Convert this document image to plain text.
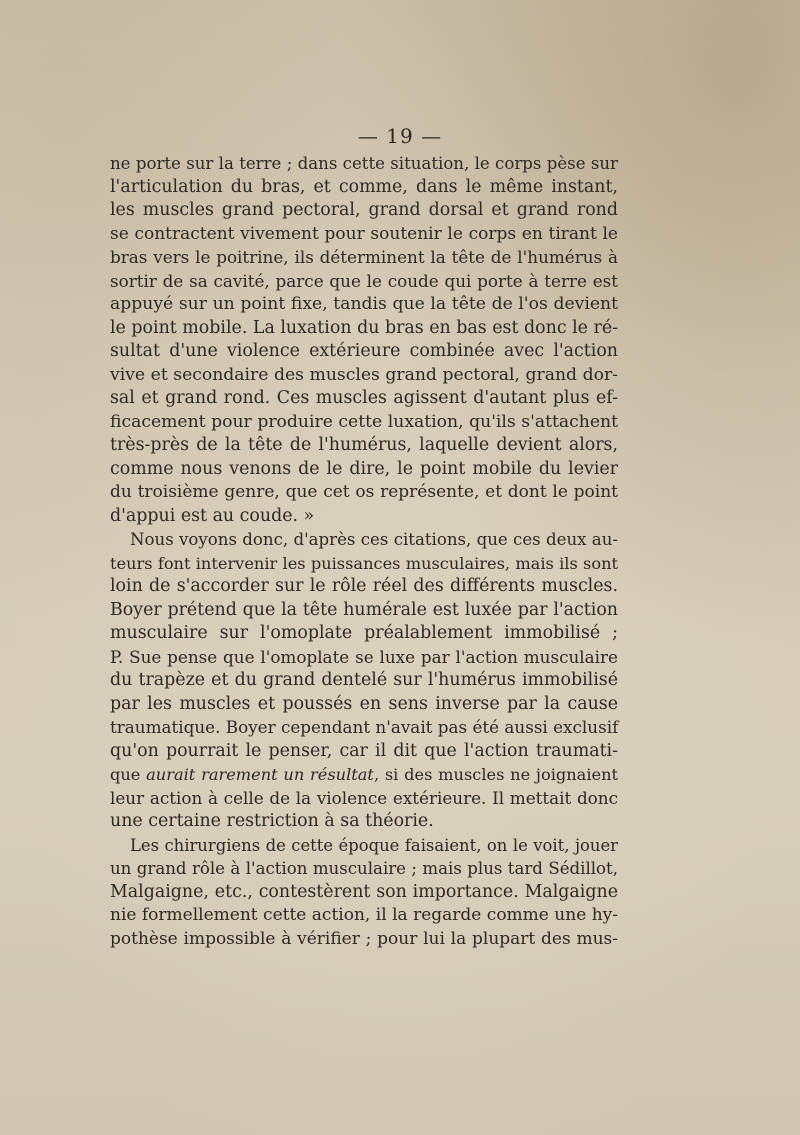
— 19 —
ne porte sur la terre ; dans cette situation, le corps pèse sur
l'articulation du bras, et comme, dans le même instant,
les muscles grand pectoral, grand dorsal et grand rond
se contractent vivement pour soutenir le corps en tirant le
bras vers le poitrine, ils déterminent la tête de l'humérus à
sortir de sa cavité, parce que le coude qui porte à terre est
appuyé sur un point fixe, tandis que la tête de l'os devient
le point mobile. La luxation du bras en bas est donc le ré-
sultat d'une violence extérieure combinée avec l'action
vive et secondaire des muscles grand pectoral, grand dor-
sal et grand rond. Ces muscles agissent d'autant plus ef-
ficacement pour produire cette luxation, qu'ils s'attachent
très-près de la tête de l'humérus, laquelle devient alors,
comme nous venons de le dire, le point mobile du levier
du troisième genre, que cet os représente, et dont le point
d'appui est au coude. »
Nous voyons donc, d'après ces citations, que ces deux au-
teurs font intervenir les puissances musculaires, mais ils sont
loin de s'accorder sur le rôle réel des différents muscles.
Boyer prétend que la tête humérale est luxée par l'action
musculaire sur l'omoplate préalablement immobilisé ;
P. Sue pense que l'omoplate se luxe par l'action musculaire
du trapèze et du grand dentelé sur l'humérus immobilisé
par les muscles et poussés en sens inverse par la cause
traumatique. Boyer cependant n'avait pas été aussi exclusif
qu'on pourrait le penser, car il dit que l'action traumati-
que aurait rarement un résultat, si des muscles ne joignaient
leur action à celle de la violence extérieure. Il mettait donc
une certaine restriction à sa théorie.
Les chirurgiens de cette époque faisaient, on le voit, jouer
un grand rôle à l'action musculaire ; mais plus tard Sédillot,
Malgaigne, etc., contestèrent son importance. Malgaigne
nie formellement cette action, il la regarde comme une hy-
pothèse impossible à vérifier ; pour lui la plupart des mus-
